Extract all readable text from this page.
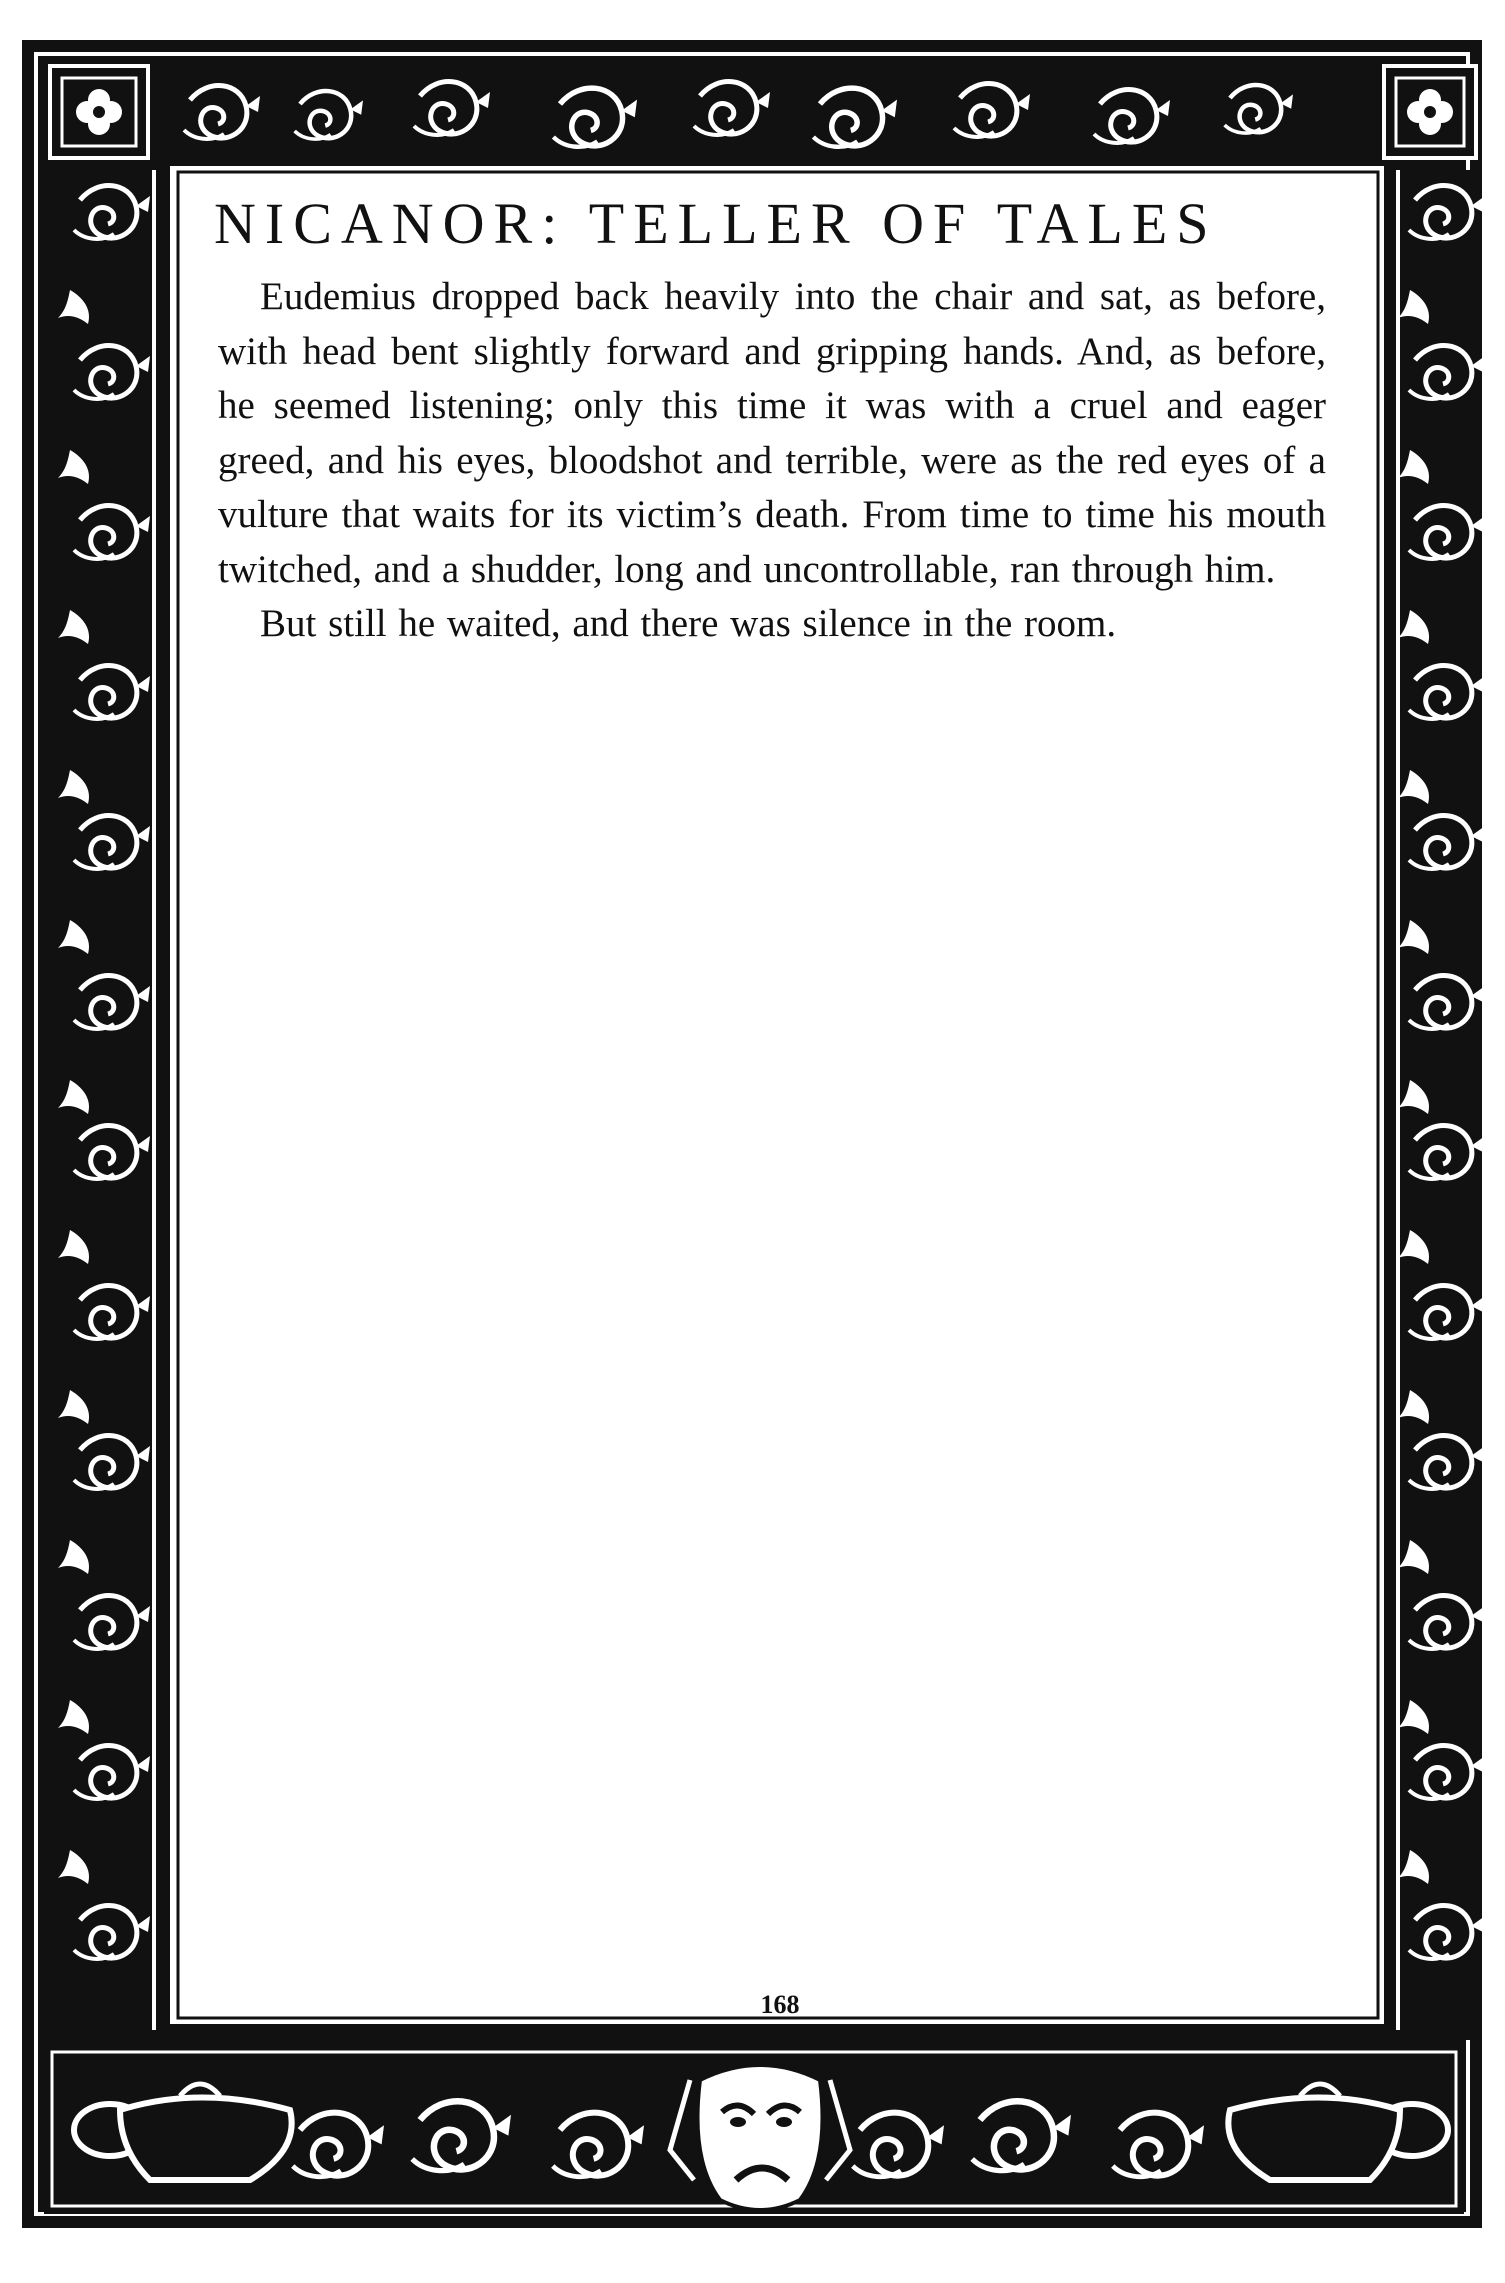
NICANOR: TELLER OF TALES

Eudemius dropped back heavily into the chair and sat, as before, with head bent slightly forward and gripping hands. And, as before, he seemed listening; only this time it was with a cruel and eager greed, and his eyes, bloodshot and terrible, were as the red eyes of a vulture that waits for its victim’s death. From time to time his mouth twitched, and a shudder, long and uncontrollable, ran through him.

But still he waited, and there was silence in the room.

168
